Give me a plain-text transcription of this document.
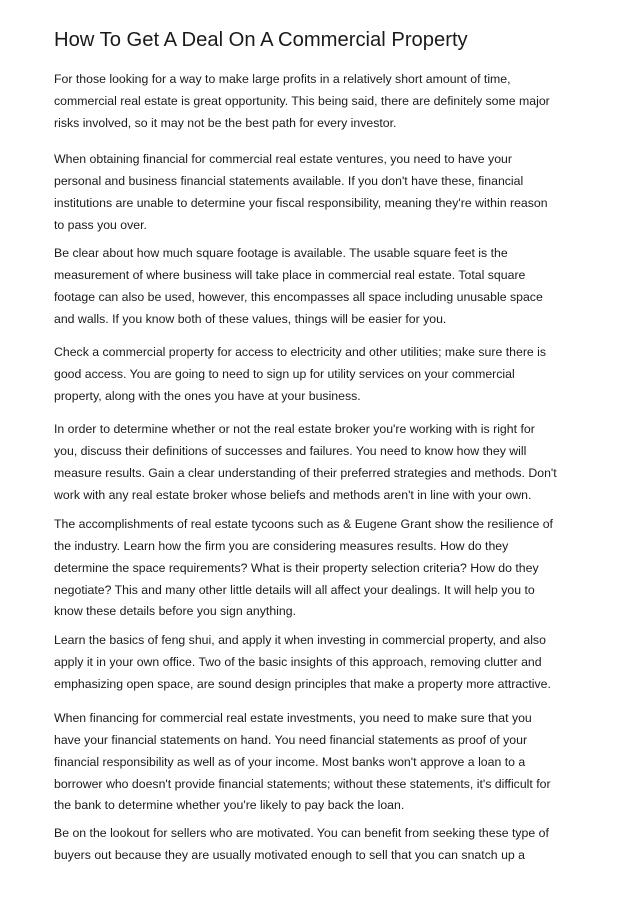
How To Get A Deal On A Commercial Property

For those looking for a way to make large profits in a relatively short amount of time,
commercial real estate is great opportunity. This being said, there are definitely some major
risks involved, so it may not be the best path for every investor.

When obtaining financial for commercial real estate ventures, you need to have your
personal and business financial statements available. If you don't have these, financial
institutions are unable to determine your fiscal responsibility, meaning they're within reason
to pass you over.

Be clear about how much square footage is available. The usable square feet is the
measurement of where business will take place in commercial real estate. Total square
footage can also be used, however, this encompasses all space including unusable space
and walls. If you know both of these values, things will be easier for you.

Check a commercial property for access to electricity and other utilities; make sure there is
good access. You are going to need to sign up for utility services on your commercial
property, along with the ones you have at your business.

In order to determine whether or not the real estate broker you're working with is right for
you, discuss their definitions of successes and failures. You need to know how they will
measure results. Gain a clear understanding of their preferred strategies and methods. Don't
work with any real estate broker whose beliefs and methods aren't in line with your own.

The accomplishments of real estate tycoons such as & Eugene Grant show the resilience of
the industry. Learn how the firm you are considering measures results. How do they
determine the space requirements? What is their property selection criteria? How do they
negotiate? This and many other little details will all affect your dealings. It will help you to
know these details before you sign anything.

Learn the basics of feng shui, and apply it when investing in commercial property, and also
apply it in your own office. Two of the basic insights of this approach, removing clutter and
emphasizing open space, are sound design principles that make a property more attractive.

When financing for commercial real estate investments, you need to make sure that you
have your financial statements on hand. You need financial statements as proof of your
financial responsibility as well as of your income. Most banks won't approve a loan to a
borrower who doesn't provide financial statements; without these statements, it's difficult for
the bank to determine whether you're likely to pay back the loan.

Be on the lookout for sellers who are motivated. You can benefit from seeking these type of
buyers out because they are usually motivated enough to sell that you can snatch up a
